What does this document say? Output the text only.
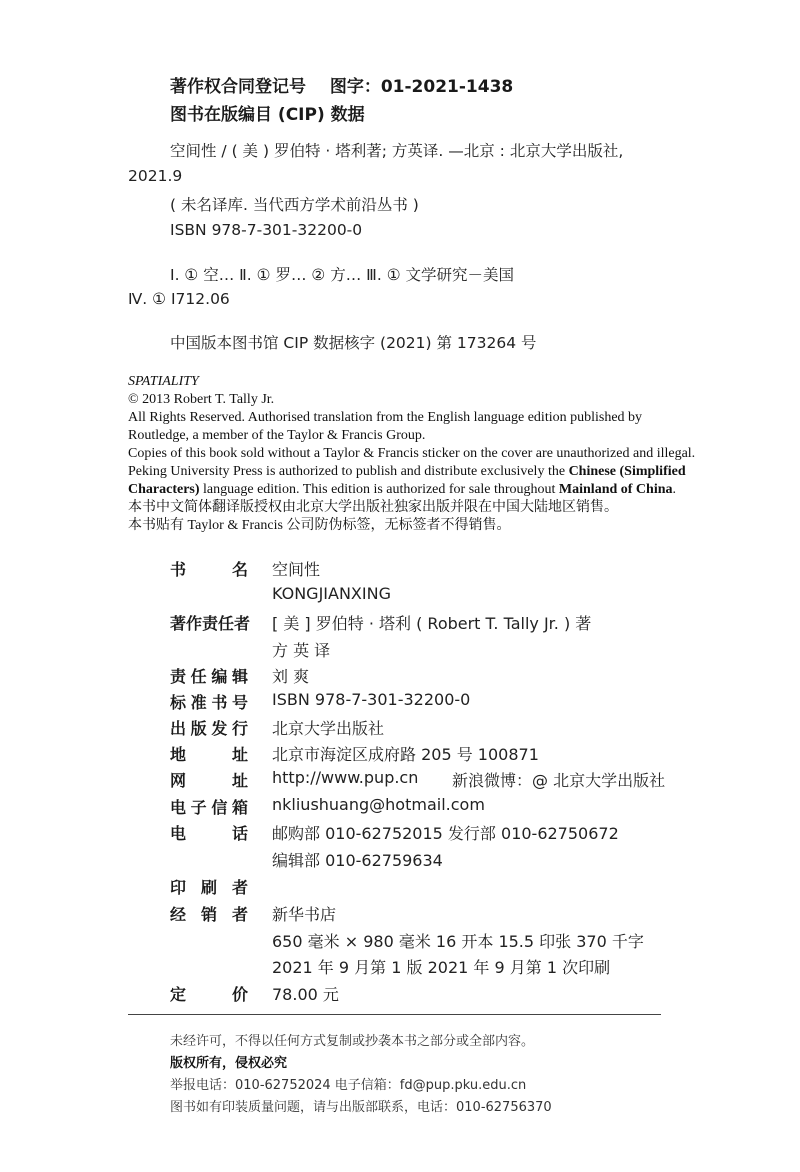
著作权合同登记号 图字：01-2021-1438
图书在版编目 (CIP) 数据
空间性 / ( 美 ) 罗伯特 · 塔利著; 方英译. —北京 : 北京大学出版社,
2021.9
( 未名译库. 当代西方学术前沿丛书 )
ISBN 978-7-301-32200-0
Ⅰ. ① 空… Ⅱ. ① 罗… ② 方… Ⅲ. ① 文学研究－美国
Ⅳ. ① I712.06
中国版本图书馆 CIP 数据核字 (2021) 第 173264 号
SPATIALITY
© 2013 Robert T. Tally Jr.
All Rights Reserved. Authorised translation from the English language edition published by
Routledge, a member of the Taylor & Francis Group.
Copies of this book sold without a Taylor & Francis sticker on the cover are unauthorized and illegal.
Peking University Press is authorized to publish and distribute exclusively the Chinese (Simplified
Characters) language edition. This edition is authorized for sale throughout Mainland of China.
本书中文简体翻译版授权由北京大学出版社独家出版并限在中国大陆地区销售。
本书贴有 Taylor & Francis 公司防伪标签，无标签者不得销售。
书	名 空间性
KONGJIANXING
著作责任者 [ 美 ] 罗伯特 · 塔利 ( Robert T. Tally Jr. ) 著
方 英 译
责 任 编 辑 刘 爽
标 准 书 号 ISBN 978-7-301-32200-0
出 版 发 行 北京大学出版社
地	址 北京市海淀区成府路 205 号 100871
网	址 http://www.pup.cn 新浪微博：@ 北京大学出版社
电 子 信 箱 nkliushuang@hotmail.com
电	话 邮购部 010-62752015 发行部 010-62750672
编辑部 010-62759634
印 刷 者
经 销 者 新华书店
650 毫米 × 980 毫米 16 开本 15.5 印张 370 千字
2021 年 9 月第 1 版 2021 年 9 月第 1 次印刷
定	价 78.00 元
未经许可，不得以任何方式复制或抄袭本书之部分或全部内容。
版权所有，侵权必究
举报电话：010-62752024 电子信箱：fd@pup.pku.edu.cn
图书如有印装质量问题，请与出版部联系，电话：010-62756370
